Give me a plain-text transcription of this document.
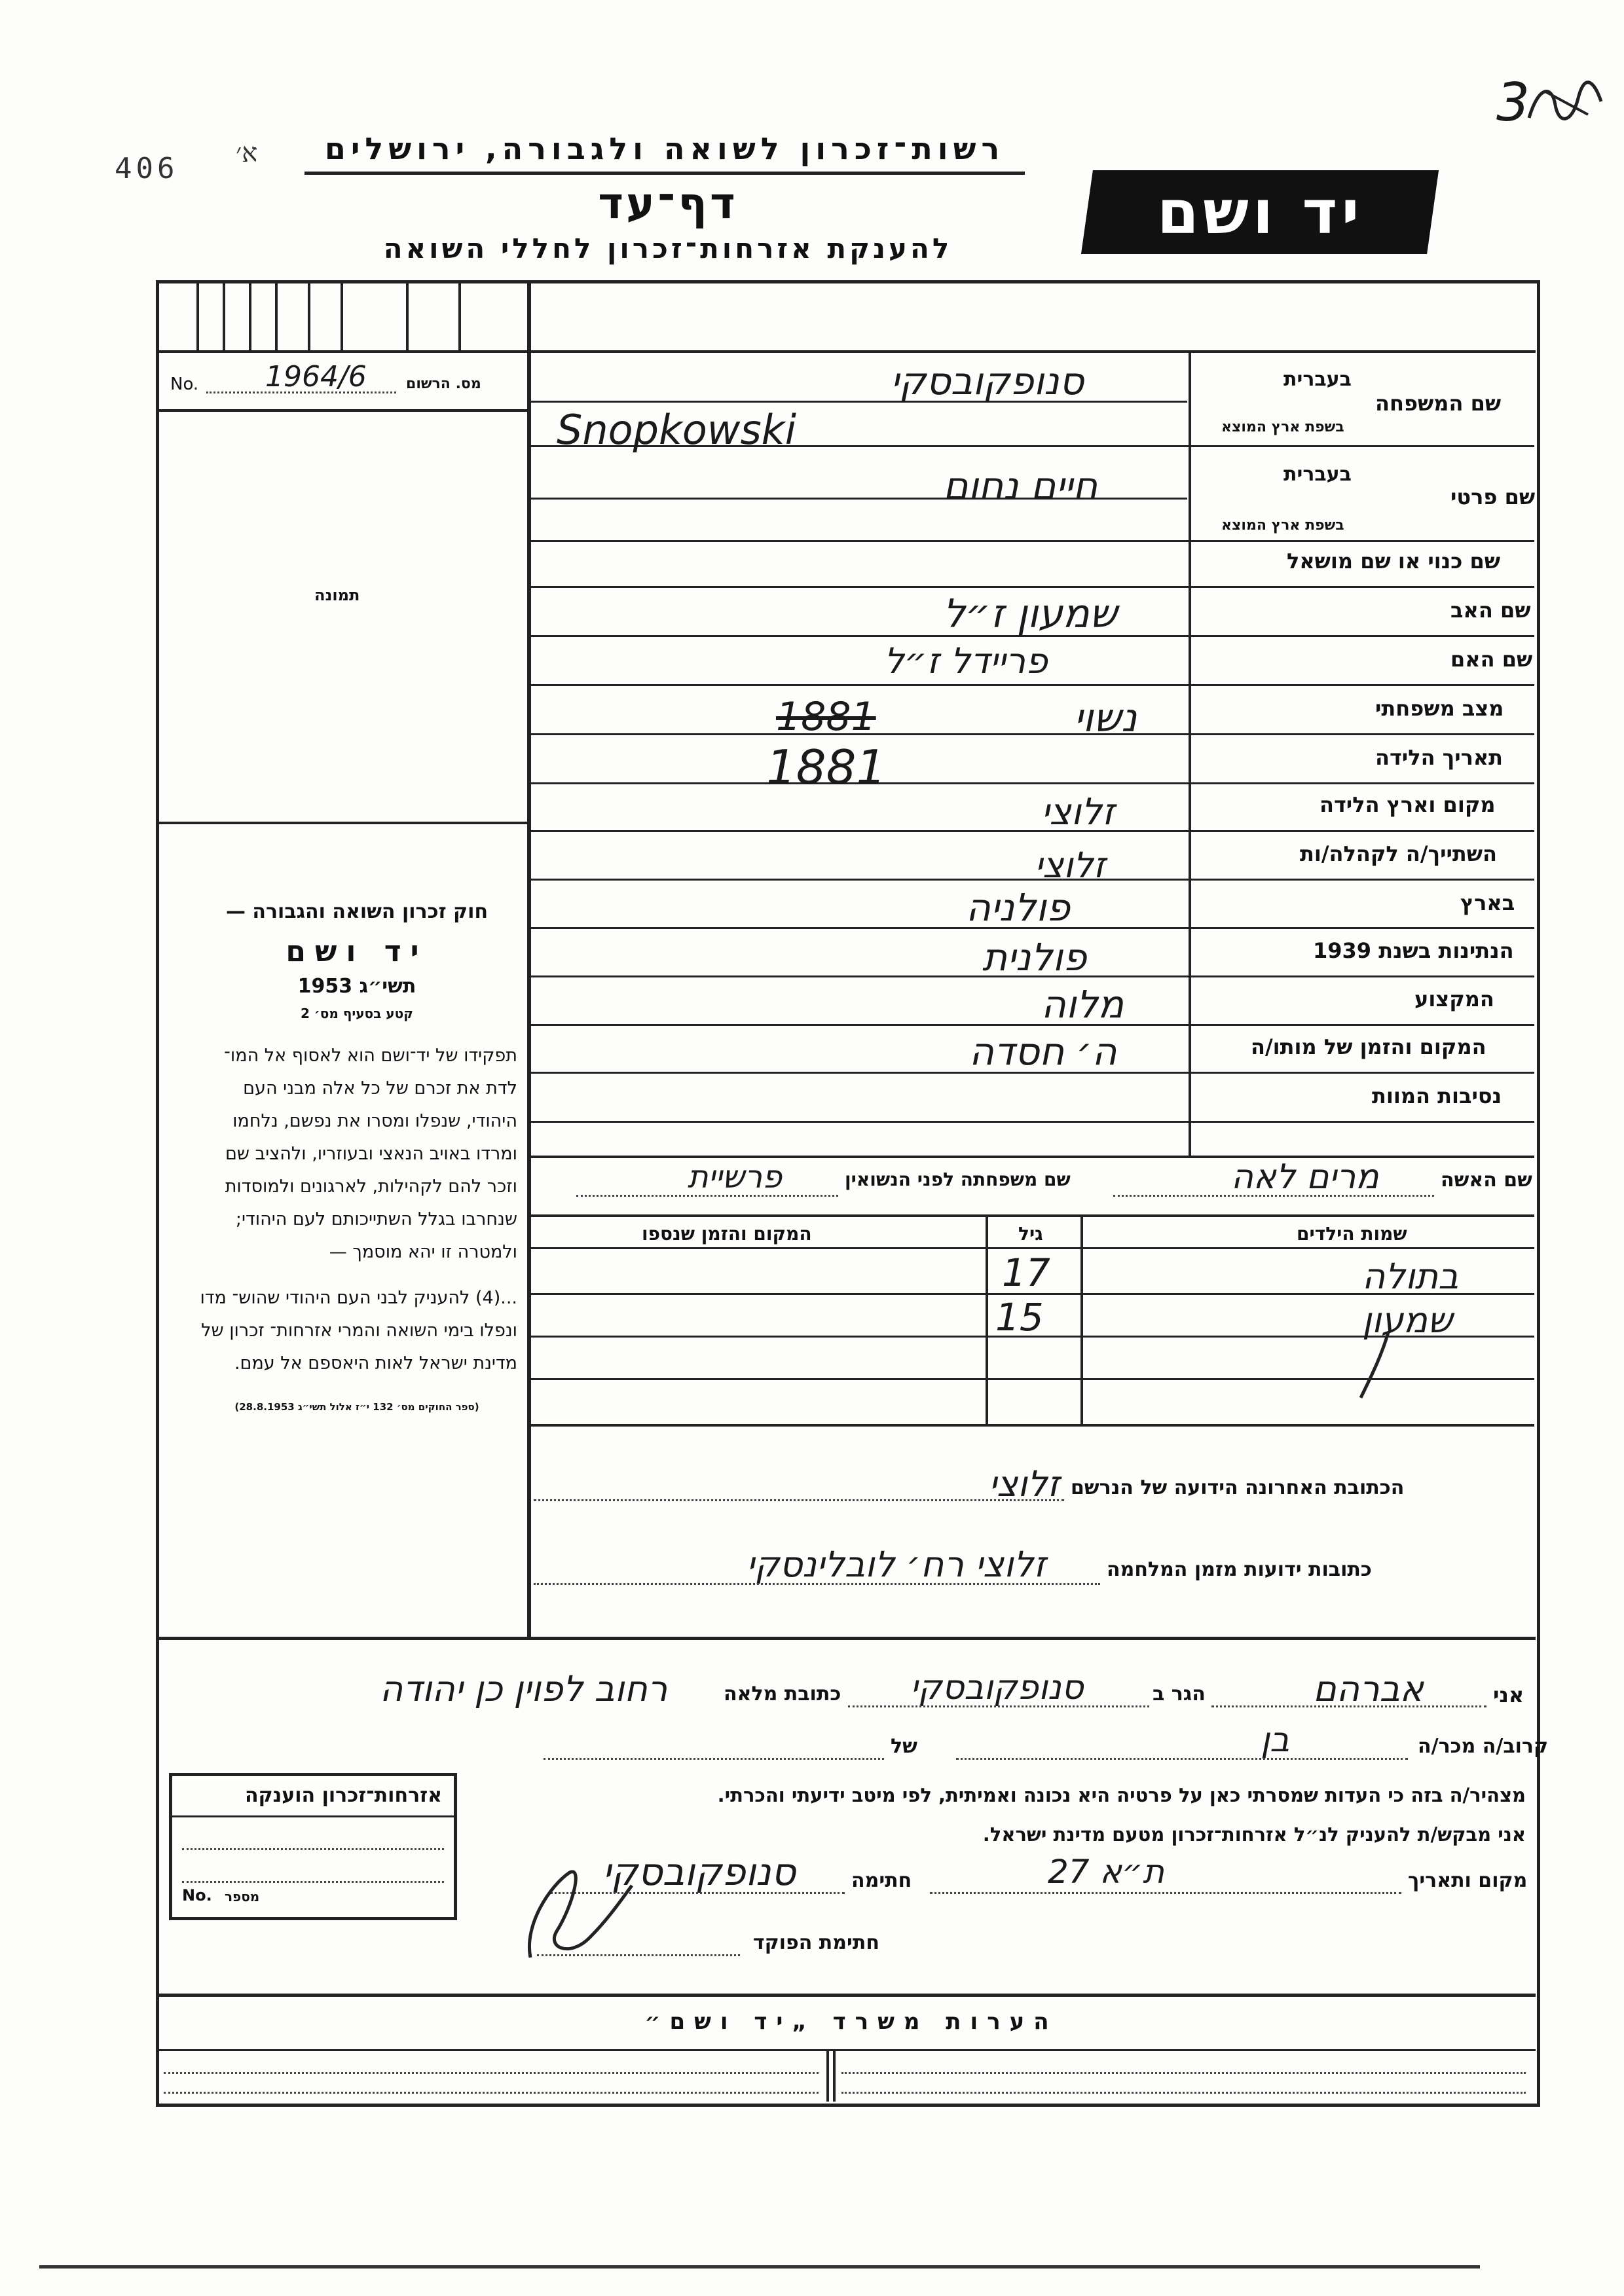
406 א׳
3
רשות־זכרון לשואה ולגבורה, ירושלים
דף־עד
להענקת אזרחות־זכרון לחללי השואה
יד ושם
No. 1964/6	מס. הרשום
תמונה
חוק זכרון השואה והגבורה —
יד ושם
תשי״ג 1953
קטע בסעיף מס׳ 2
תפקידו של יד־ושם הוא לאסוף אל המו־ לדת את זכרם של כל אלה מבני העם היהודי, שנפלו ומסרו את נפשם, נלחמו ומרדו באויב הנאצי ובעוזריו, ולהציב שם וזכר להם לקהילות, לארגונים ולמוסדות שנחרבו בגלל השתייכותם לעם היהודי; ולמטרה זו יהא מוסמך —
...(4) להעניק לבני העם היהודי שהוש־ מדו ונפלו בימי השואה והמרי אזרחות־ זכרון של מדינת ישראל לאות היאספם אל עמם.
(ספר החוקים מס׳ 132 י״ז אלול תשי״ג 28.8.1953)
בעברית
שם המשפחה
בשפת ארץ המוצא
בעברית
שם פרטי
בשפת ארץ המוצא
שם כנוי או שם מושאל
שם האב
שם האם
מצב משפחתי
תאריך הלידה
מקום וארץ הלידה
השתייך/ה לקהלה/ות
בארץ
הנתינות בשנת 1939
המקצוע
המקום והזמן של מותו/ה
נסיבות המוות
סנופקובסקי
Snopkowski
חיים נחום
שמעון ז״ל
פריידל ז״ל
1881	נשוי
1881
זלוצי
זלוצי
פולניה
פולנית
מלוה
ה׳ חסדה
שם האשה
מרים לאה
שם משפחתה לפני הנשואין
פרשיית
שמות הילדים
גיל
המקום והזמן שנספו
בתולה
17
שמעון
15
הכתובת האחרונה הידועה של הנרשם
זלוצי
כתובות ידועות מזמן המלחמה
זלוצי רח׳ לובלינסקי
אני
אברהם
הגר ב
סנופקובסקי
כתובת מלאה
רחוב לפוין כן יהודה
קרוב/ה מכר/ה
בן
של
מצהיר/ה בזה כי העדות שמסרתי כאן על פרטיה היא נכונה ואמיתית, לפי מיטב ידיעתי והכרתי.
אני מבקש/ת להעניק לנ״ל אזרחות־זכרון מטעם מדינת ישראל.
מקום ותאריך
ת״א 27
חתימה
סנופקובסקי
חתימת הפוקד
אזרחות־זכרון הוענקה
No. מספר
הערות משרד „יד ושם״
